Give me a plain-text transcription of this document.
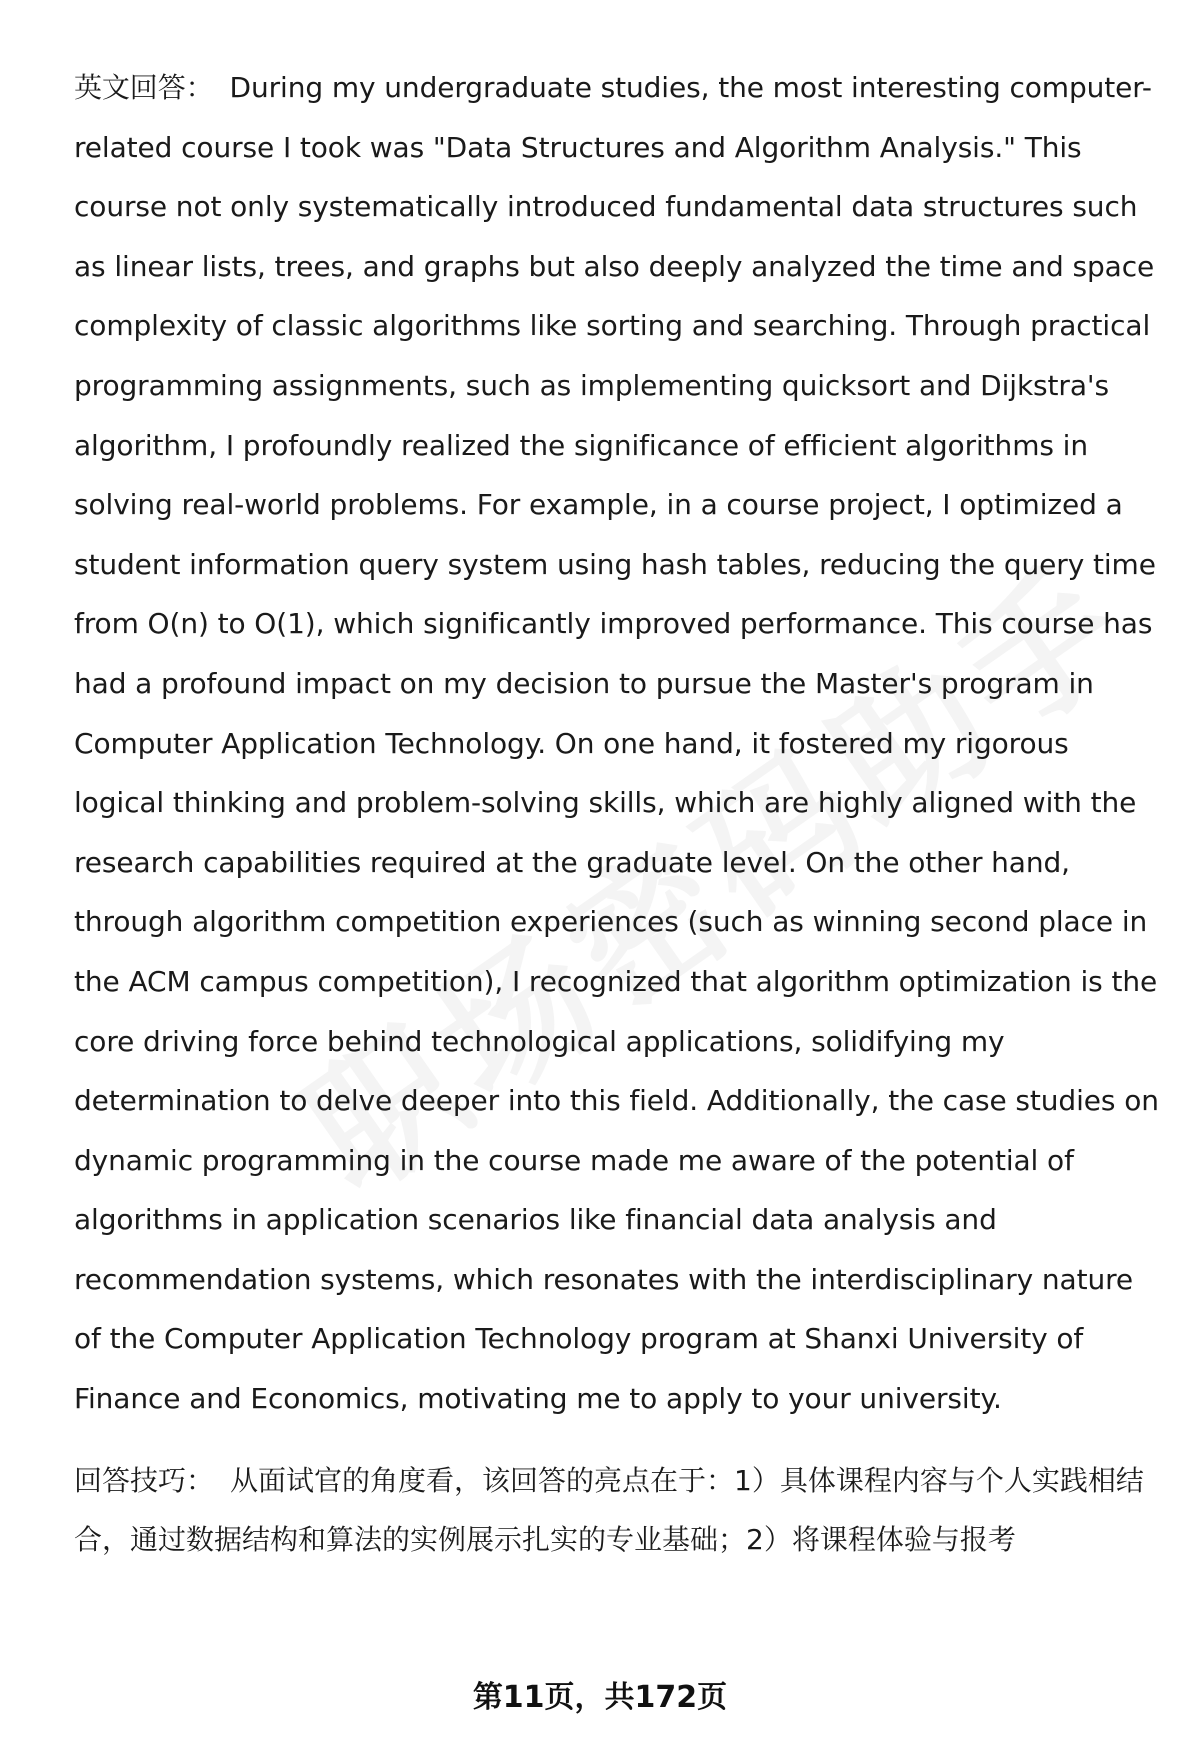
英文回答： During my undergraduate studies, the most interesting computer-related course I took was "Data Structures and Algorithm Analysis." This course not only systematically introduced fundamental data structures such as linear lists, trees, and graphs but also deeply analyzed the time and space complexity of classic algorithms like sorting and searching. Through practical programming assignments, such as implementing quicksort and Dijkstra's algorithm, I profoundly realized the significance of efficient algorithms in solving real-world problems. For example, in a course project, I optimized a student information query system using hash tables, reducing the query time from O(n) to O(1), which significantly improved performance. This course has had a profound impact on my decision to pursue the Master's program in Computer Application Technology. On one hand, it fostered my rigorous logical thinking and problem-solving skills, which are highly aligned with the research capabilities required at the graduate level. On the other hand, through algorithm competition experiences (such as winning second place in the ACM campus competition), I recognized that algorithm optimization is the core driving force behind technological applications, solidifying my determination to delve deeper into this field. Additionally, the case studies on dynamic programming in the course made me aware of the potential of algorithms in application scenarios like financial data analysis and recommendation systems, which resonates with the interdisciplinary nature of the Computer Application Technology program at Shanxi University of Finance and Economics, motivating me to apply to your university.

回答技巧： 从面试官的角度看，该回答的亮点在于：1）具体课程内容与个人实践相结合，通过数据结构和算法的实例展示扎实的专业基础；2）将课程体验与报考

第11页，共172页
